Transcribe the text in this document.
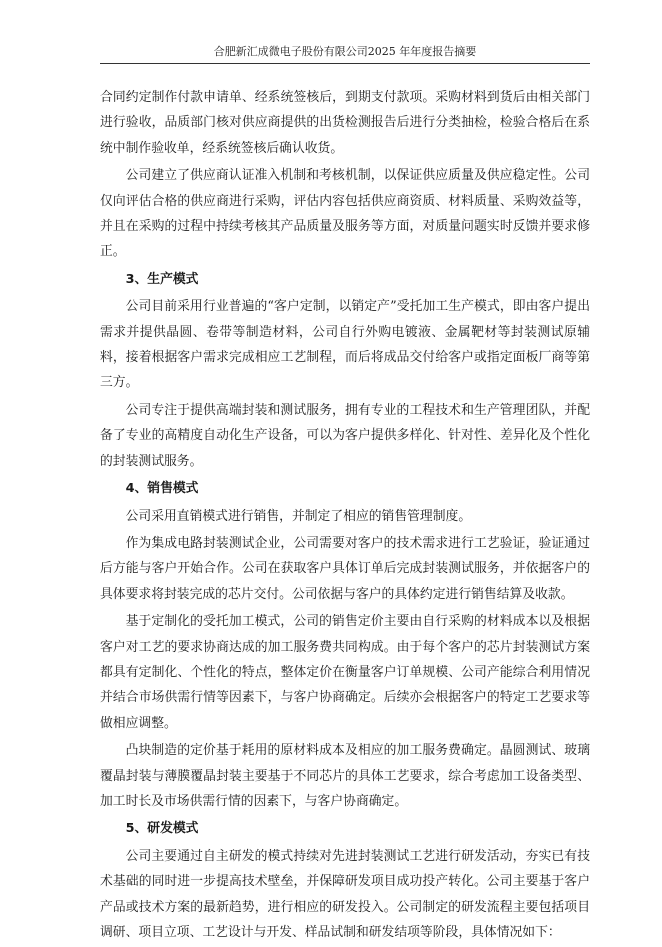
合肥新汇成微电子股份有限公司2025 年年度报告摘要

合同约定制作付款申请单、经系统签核后，到期支付款项。采购材料到货后由相关部门进行验收，品质部门核对供应商提供的出货检测报告后进行分类抽检，检验合格后在系统中制作验收单，经系统签核后确认收货。

公司建立了供应商认证准入机制和考核机制，以保证供应质量及供应稳定性。公司仅向评估合格的供应商进行采购，评估内容包括供应商资质、材料质量、采购效益等，并且在采购的过程中持续考核其产品质量及服务等方面，对质量问题实时反馈并要求修正。

3、生产模式

公司目前采用行业普遍的“客户定制，以销定产”受托加工生产模式，即由客户提出需求并提供晶圆、卷带等制造材料，公司自行外购电镀液、金属靶材等封装测试原辅料，接着根据客户需求完成相应工艺制程，而后将成品交付给客户或指定面板厂商等第三方。

公司专注于提供高端封装和测试服务，拥有专业的工程技术和生产管理团队，并配备了专业的高精度自动化生产设备，可以为客户提供多样化、针对性、差异化及个性化的封装测试服务。

4、销售模式

公司采用直销模式进行销售，并制定了相应的销售管理制度。

作为集成电路封装测试企业，公司需要对客户的技术需求进行工艺验证，验证通过后方能与客户开始合作。公司在获取客户具体订单后完成封装测试服务，并依据客户的具体要求将封装完成的芯片交付。公司依据与客户的具体约定进行销售结算及收款。

基于定制化的受托加工模式，公司的销售定价主要由自行采购的材料成本以及根据客户对工艺的要求协商达成的加工服务费共同构成。由于每个客户的芯片封装测试方案都具有定制化、个性化的特点，整体定价在衡量客户订单规模、公司产能综合利用情况并结合市场供需行情等因素下，与客户协商确定。后续亦会根据客户的特定工艺要求等做相应调整。

凸块制造的定价基于耗用的原材料成本及相应的加工服务费确定。晶圆测试、玻璃覆晶封装与薄膜覆晶封装主要基于不同芯片的具体工艺要求，综合考虑加工设备类型、加工时长及市场供需行情的因素下，与客户协商确定。

5、研发模式

公司主要通过自主研发的模式持续对先进封装测试工艺进行研发活动，夯实已有技术基础的同时进一步提高技术壁垒，并保障研发项目成功投产转化。公司主要基于客户产品或技术方案的最新趋势，进行相应的研发投入。公司制定的研发流程主要包括项目调研、项目立项、工艺设计与开发、样品试制和研发结项等阶段，具体情况如下：
